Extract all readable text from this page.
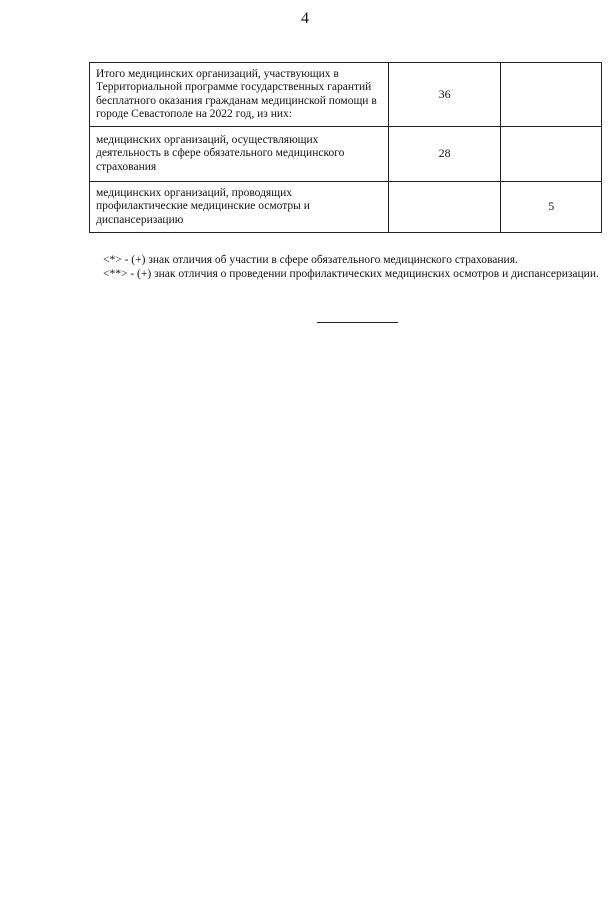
4
Итого медицинских организаций, участвующих в Территориальной программе государственных гарантий бесплатного оказания гражданам медицинской помощи в городе Севастополе на 2022 год, из них:	36	
медицинских организаций, осуществляющих деятельность в сфере обязательного медицинского страхования	28	
медицинских организаций, проводящих профилактические медицинские осмотры и диспансеризацию		5
<*> - (+) знак отличия об участии в сфере обязательного медицинского страхования.
<**> - (+) знак отличия о проведении профилактических медицинских осмотров и диспансеризации.
